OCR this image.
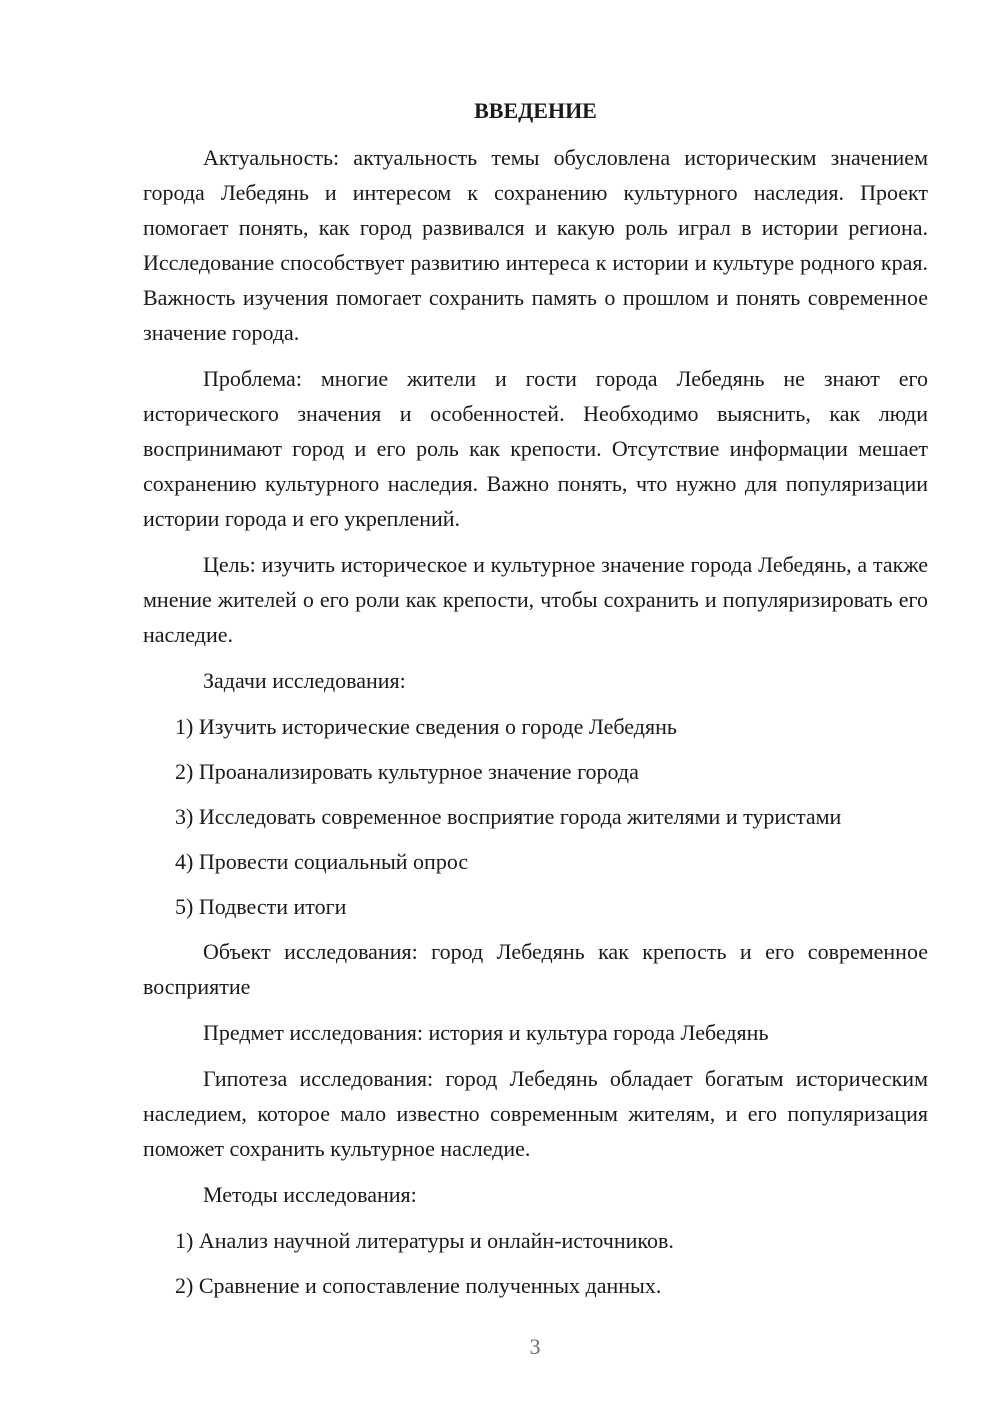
ВВЕДЕНИЕ

Актуальность: актуальность темы обусловлена историческим значением города Лебедянь и интересом к сохранению культурного наследия. Проект помогает понять, как город развивался и какую роль играл в истории региона. Исследование способствует развитию интереса к истории и культуре родного края. Важность изучения помогает сохранить память о прошлом и понять современное значение города.

Проблема: многие жители и гости города Лебедянь не знают его исторического значения и особенностей. Необходимо выяснить, как люди воспринимают город и его роль как крепости. Отсутствие информации мешает сохранению культурного наследия. Важно понять, что нужно для популяризации истории города и его укреплений.

Цель: изучить историческое и культурное значение города Лебедянь, а также мнение жителей о его роли как крепости, чтобы сохранить и популяризировать его наследие.

Задачи исследования:

1) Изучить исторические сведения о городе Лебедянь
2) Проанализировать культурное значение города
3) Исследовать современное восприятие города жителями и туристами
4) Провести социальный опрос
5) Подвести итоги

Объект исследования: город Лебедянь как крепость и его современное восприятие

Предмет исследования: история и культура города Лебедянь

Гипотеза исследования: город Лебедянь обладает богатым историческим наследием, которое мало известно современным жителям, и его популяризация поможет сохранить культурное наследие.

Методы исследования:

1) Анализ научной литературы и онлайн-источников.
2) Сравнение и сопоставление полученных данных.
3
